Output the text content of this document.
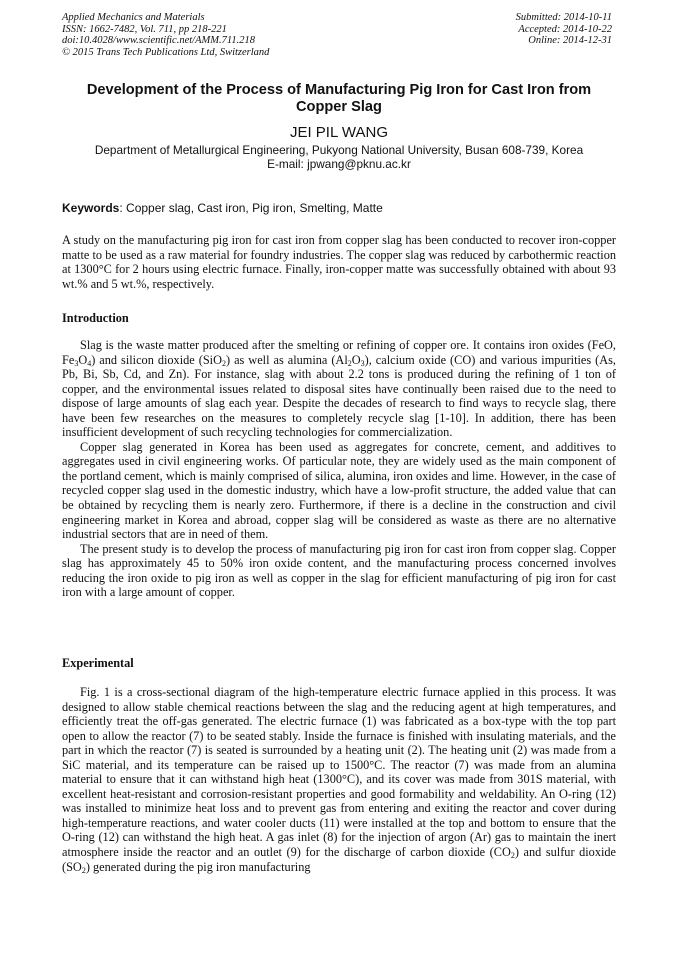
Applied Mechanics and Materials
ISSN: 1662-7482, Vol. 711, pp 218-221
doi:10.4028/www.scientific.net/AMM.711.218
© 2015 Trans Tech Publications Ltd, Switzerland
Submitted: 2014-10-11
Accepted: 2014-10-22
Online: 2014-12-31
Development of the Process of Manufacturing Pig Iron for Cast Iron from Copper Slag
JEI PIL WANG
Department of Metallurgical Engineering, Pukyong National University, Busan 608-739, Korea
E-mail: jpwang@pknu.ac.kr
Keywords: Copper slag, Cast iron, Pig iron, Smelting, Matte
A study on the manufacturing pig iron for cast iron from copper slag has been conducted to recover iron-copper matte to be used as a raw material for foundry industries. The copper slag was reduced by carbothermic reaction at 1300°C for 2 hours using electric furnace. Finally, iron-copper matte was successfully obtained with about 93 wt.% and 5 wt.%, respectively.
Introduction
Slag is the waste matter produced after the smelting or refining of copper ore. It contains iron oxides (FeO, $Fe_3O_4$) and silicon dioxide (SiO$_2$) as well as alumina $(Al_2O_3)$, calcium oxide (CO) and various impurities (As, Pb, Bi, Sb, Cd, and Zn). For instance, slag with about 2.2 tons is produced during the refining of 1 ton of copper, and the environmental issues related to disposal sites have continually been raised due to the need to dispose of large amounts of slag each year. Despite the decades of research to find ways to recycle slag, there have been few researches on the measures to completely recycle slag [1-10]. In addition, there has been insufficient development of such recycling technologies for commercialization.
Copper slag generated in Korea has been used as aggregates for concrete, cement, and additives to aggregates used in civil engineering works. Of particular note, they are widely used as the main component of the portland cement, which is mainly comprised of silica, alumina, iron oxides and lime. However, in the case of recycled copper slag used in the domestic industry, which have a low-profit structure, the added value that can be obtained by recycling them is nearly zero. Furthermore, if there is a decline in the construction and civil engineering market in Korea and abroad, copper slag will be considered as waste as there are no alternative industrial sectors that are in need of them.
The present study is to develop the process of manufacturing pig iron for cast iron from copper slag. Copper slag has approximately 45 to 50% iron oxide content, and the manufacturing process concerned involves reducing the iron oxide to pig iron as well as copper in the slag for efficient manufacturing of pig iron for cast iron with a large amount of copper.
Experimental
Fig. 1 is a cross-sectional diagram of the high-temperature electric furnace applied in this process. It was designed to allow stable chemical reactions between the slag and the reducing agent at high temperatures, and efficiently treat the off-gas generated. The electric furnace (1) was fabricated as a box-type with the top part open to allow the reactor (7) to be seated stably. Inside the furnace is finished with insulating materials, and the part in which the reactor (7) is seated is surrounded by a heating unit (2). The heating unit (2) was made from a SiC material, and its temperature can be raised up to 1500°C. The reactor (7) was made from an alumina material to ensure that it can withstand high heat (1300°C), and its cover was made from 301S material, with excellent heat-resistant and corrosion-resistant properties and good formability and weldability. An O-ring (12) was installed to minimize heat loss and to prevent gas from entering and exiting the reactor and cover during high-temperature reactions, and water cooler ducts (11) were installed at the top and bottom to ensure that the O-ring (12) can withstand the high heat. A gas inlet (8) for the injection of argon (Ar) gas to maintain the inert atmosphere inside the reactor and an outlet (9) for the discharge of carbon dioxide $(CO_2)$ and sulfur dioxide $(SO_2)$ generated during the pig iron manufacturing
